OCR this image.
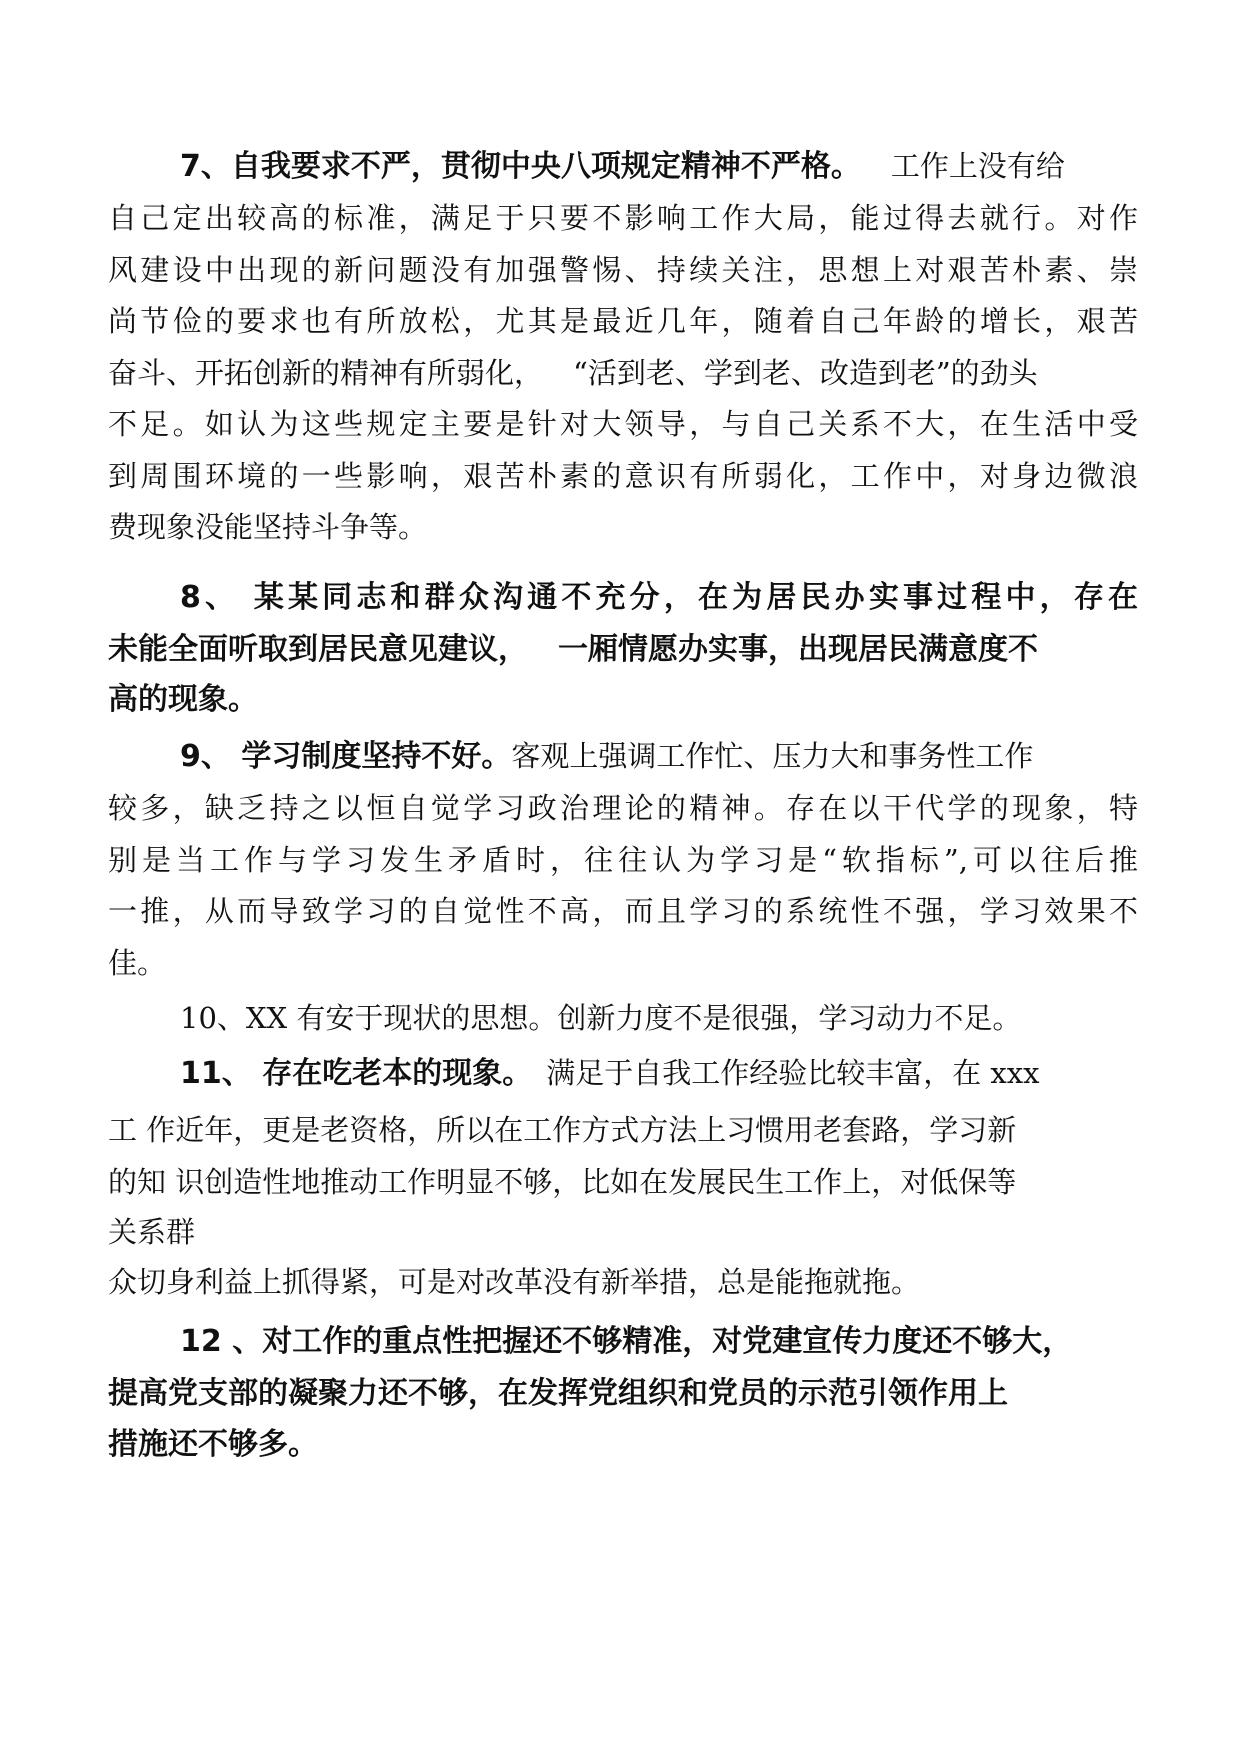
7、自我要求不严，贯彻中央八项规定精神不严格。 工作上没有给
自己定出较高的标准，满足于只要不影响工作大局，能过得去就行。对作
风建设中出现的新问题没有加强警惕、持续关注，思想上对艰苦朴素、崇
尚节俭的要求也有所放松，尤其是最近几年，随着自己年龄的增长，艰苦
奋斗、开拓创新的精神有所弱化， “活到老、学到老、改造到老”的劲头
不足。如认为这些规定主要是针对大领导，与自己关系不大，在生活中受
到周围环境的一些影响，艰苦朴素的意识有所弱化，工作中，对身边微浪
费现象没能坚持斗争等。
8、 某某同志和群众沟通不充分，在为居民办实事过程中，存在
未能全面听取到居民意见建议， 一厢情愿办实事，出现居民满意度不
高的现象。
9、 学习制度坚持不好。客观上强调工作忙、压力大和事务性工作
较多，缺乏持之以恒自觉学习政治理论的精神。存在以干代学的现象，特
别是当工作与学习发生矛盾时，往往认为学习是“软指标”,可以往后推
一推，从而导致学习的自觉性不高，而且学习的系统性不强，学习效果不
佳。
10、XX 有安于现状的思想。创新力度不是很强，学习动力不足。
11、 存在吃老本的现象。 满足于自我工作经验比较丰富，在 xxx
工 作近年，更是老资格，所以在工作方式方法上习惯用老套路，学习新
的知 识创造性地推动工作明显不够，比如在发展民生工作上，对低保等
关系群
众切身利益上抓得紧，可是对改革没有新举措，总是能拖就拖。
12 、对工作的重点性把握还不够精准，对党建宣传力度还不够大，
提高党支部的凝聚力还不够，在发挥党组织和党员的示范引领作用上
措施还不够多。
